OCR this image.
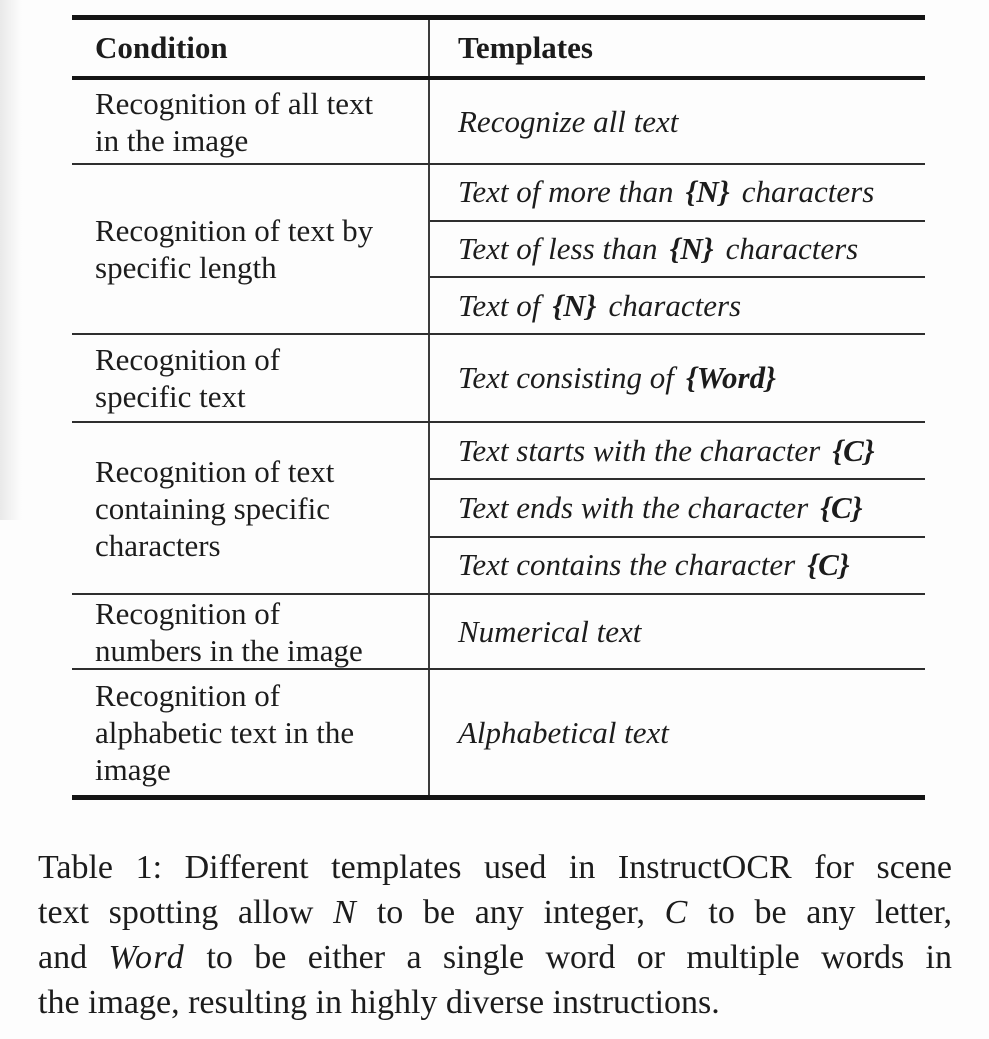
Condition	Templates
Recognition of all text
in the image
Recognize all text
Recognition of text by
specific length
Text of more than {N} characters
Text of less than {N} characters
Text of {N} characters
Recognition of
specific text
Text consisting of {Word}
Recognition of text
containing specific
characters
Text starts with the character {C}
Text ends with the character {C}
Text contains the character {C}
Recognition of
numbers in the image
Numerical text
Recognition of
alphabetic text in the
image
Alphabetical text
Table 1: Different templates used in InstructOCR for scene
text spotting allow N to be any integer, C to be any letter,
and Word to be either a single word or multiple words in
the image, resulting in highly diverse instructions.
